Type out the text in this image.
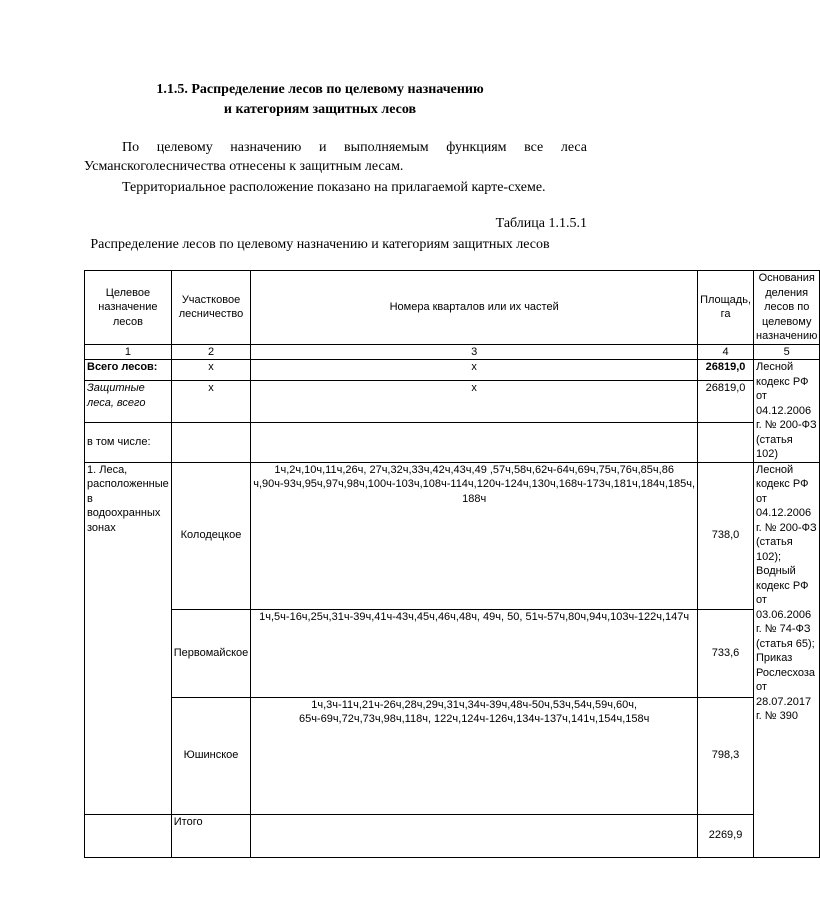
1.1.5. Распределение лесов по целевому назначению
и категориям защитных лесов
По целевому назначению и выполняемым функциям все леса
Усманскоголесничества отнесены к защитным лесам.
Территориальное расположение показано на прилагаемой карте-схеме.
Таблица 1.1.5.1
Распределение лесов по целевому назначению и категориям защитных лесов
Целевое назначение лесов	Участковое лесничество	Номера кварталов или их частей	Площадь, га	Основания деления лесов по целевому назначению
1	2	3	4	5
Всего лесов:	х	х	26819,0	Лесной кодекс РФ от 04.12.2006 г. № 200-ФЗ (статья 102)
Защитные леса, всего	х	х	26819,0	
в том числе:				
1. Леса, расположенные в водоохранных зонах	Колодецкое	1ч,2ч,10ч,11ч,26ч, 27ч,32ч,33ч,42ч,43ч,49 ,57ч,58ч,62ч-64ч,69ч,75ч,76ч,85ч,86 ч,90ч-93ч,95ч,97ч,98ч,100ч-103ч,108ч-114ч,120ч-124ч,130ч,168ч-173ч,181ч,184ч,185ч, 188ч	738,0	Лесной кодекс РФ от 04.12.2006 г. № 200-ФЗ (статья 102); Водный кодекс РФ от 03.06.2006 г. № 74-ФЗ (статья 65); Приказ Рослесхоза от 28.07.2017 г. № 390
	Первомайское	1ч,5ч-16ч,25ч,31ч-39ч,41ч-43ч,45ч,46ч,48ч, 49ч, 50, 51ч-57ч,80ч,94ч,103ч-122ч,147ч	733,6	
	Юшинское	1ч,3ч-11ч,21ч-26ч,28ч,29ч,31ч,34ч-39ч,48ч-50ч,53ч,54ч,59ч,60ч, 65ч-69ч,72ч,73ч,98ч,118ч, 122ч,124ч-126ч,134ч-137ч,141ч,154ч,158ч	798,3	
	Итого		2269,9	
